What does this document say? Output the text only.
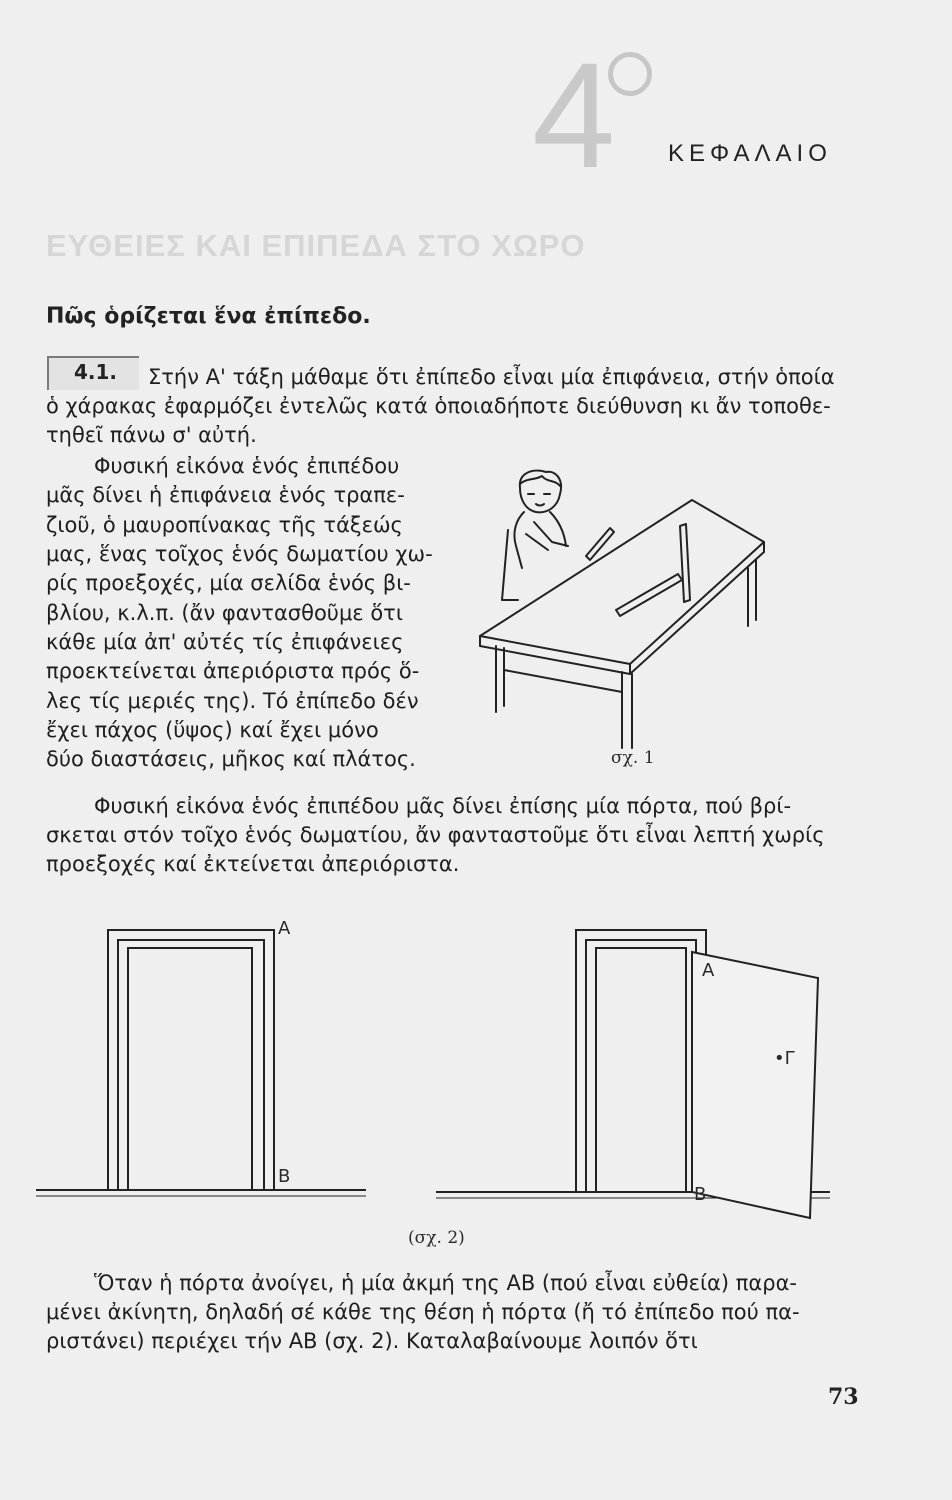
ΕΥΘΕΙΕΣ ΚΑΙ ΕΠΙΠΕΔΑ ΣΤΟ ΧΩΡΟ
4 ΚΕΦΑΛΑΙΟ
Πῶς ὁρίζεται ἕνα ἐπίπεδο.
4.1. Στήν Α' τάξη μάθαμε ὅτι ἐπίπεδο εἶναι μία ἐπιφάνεια, στήν ὁποία
ὁ χάρακας ἐφαρμόζει ἐντελῶς κατά ὁποιαδήποτε διεύθυνση κι ἄν τοποθε-
τηθεῖ πάνω σ' αὐτή.
Φυσική εἰκόνα ἑνός ἐπιπέδου
μᾶς δίνει ἡ ἐπιφάνεια ἑνός τραπε-
ζιοῦ, ὁ μαυροπίνακας τῆς τάξεώς
μας, ἕνας τοῖχος ἑνός δωματίου χω-
ρίς προεξοχές, μία σελίδα ἑνός βι-
βλίου, κ.λ.π. (ἄν φαντασθοῦμε ὅτι
κάθε μία ἀπ' αὐτές τίς ἐπιφάνειες
προεκτείνεται ἀπεριόριστα πρός ὅ-
λες τίς μεριές της). Τό ἐπίπεδο δέν
ἔχει πάχος (ὕψος) καί ἔχει μόνο
δύο διαστάσεις, μῆκος καί πλάτος.	σχ. 1
Φυσική εἰκόνα ἑνός ἐπιπέδου μᾶς δίνει ἐπίσης μία πόρτα, πού βρί-
σκεται στόν τοῖχο ἑνός δωματίου, ἄν φανταστοῦμε ὅτι εἶναι λεπτή χωρίς
προεξοχές καί ἐκτείνεται ἀπεριόριστα.
A
B
A
B
•Γ
(σχ. 2)
Ὅταν ἡ πόρτα ἀνοίγει, ἡ μία ἀκμή της ΑΒ (πού εἶναι εὐθεία) παρα-
μένει ἀκίνητη, δηλαδή σέ κάθε της θέση ἡ πόρτα (ἤ τό ἐπίπεδο πού πα-
ριστάνει) περιέχει τήν ΑΒ (σχ. 2). Καταλαβαίνουμε λοιπόν ὅτι
73
